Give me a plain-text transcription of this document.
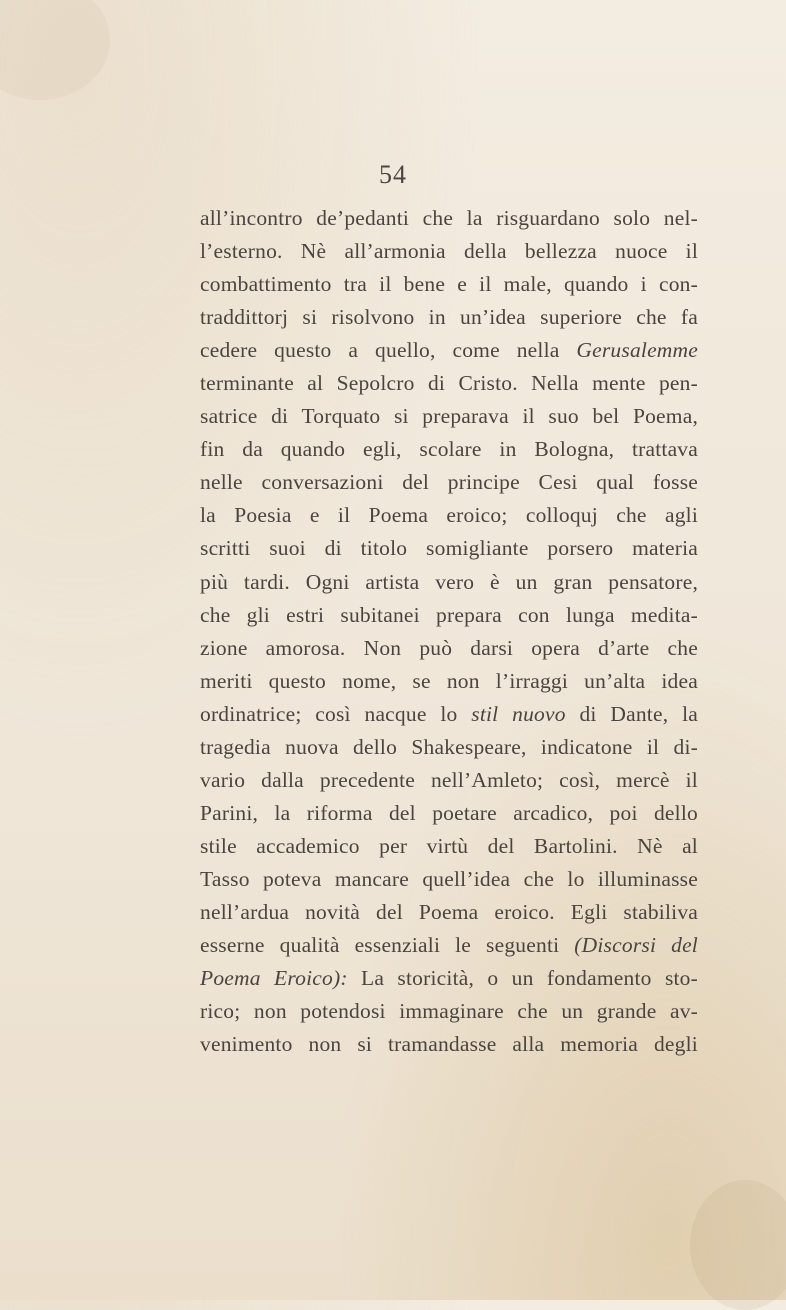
54
all’incontro de’pedanti che la risguardano solo nel-
l’esterno. Nè all’armonia della bellezza nuoce il
combattimento tra il bene e il male, quando i con-
traddittorj si risolvono in un’idea superiore che fa
cedere questo a quello, come nella Gerusalemme
terminante al Sepolcro di Cristo. Nella mente pen-
satrice di Torquato si preparava il suo bel Poema,
fin da quando egli, scolare in Bologna, trattava
nelle conversazioni del principe Cesi qual fosse
la Poesia e il Poema eroico; colloquj che agli
scritti suoi di titolo somigliante porsero materia
più tardi. Ogni artista vero è un gran pensatore,
che gli estri subitanei prepara con lunga medita-
zione amorosa. Non può darsi opera d’arte che
meriti questo nome, se non l’irraggi un’alta idea
ordinatrice; così nacque lo stil nuovo di Dante, la
tragedia nuova dello Shakespeare, indicatone il di-
vario dalla precedente nell’Amleto; così, mercè il
Parini, la riforma del poetare arcadico, poi dello
stile accademico per virtù del Bartolini. Nè al
Tasso poteva mancare quell’idea che lo illuminasse
nell’ardua novità del Poema eroico. Egli stabiliva
esserne qualità essenziali le seguenti (Discorsi del
Poema Eroico): La storicità, o un fondamento sto-
rico; non potendosi immaginare che un grande av-
venimento non si tramandasse alla memoria degli
